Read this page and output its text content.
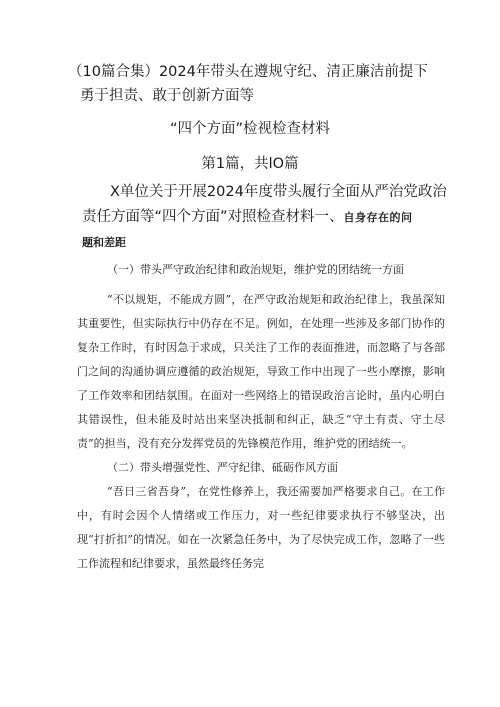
（10篇合集）2024年带头在遵规守纪、清正廉洁前提下
勇于担责、敢于创新方面等
“四个方面”检视检查材料
第1篇，共lO篇
X单位关于开展2024年度带头履行全面从严治党政治
责任方面等“四个方面”对照检查材料一、自身存在的问
题和差距

（一）带头严守政治纪律和政治规矩，维护党的团结统一方面

“不以规矩，不能成方圆”，在严守政治规矩和政治纪律上，我虽深知其重要性，但实际执行中仍存在不足。例如，在处理一些涉及多部门协作的复杂工作时，有时因急于求成，只关注了工作的表面推进，而忽略了与各部门之间的沟通协调应遵循的政治规矩，导致工作中出现了一些小摩擦，影响了工作效率和团结氛围。在面对一些网络上的错误政治言论时，虽内心明白其错误性，但未能及时站出来坚决抵制和纠正，缺乏“守土有责、守土尽责”的担当，没有充分发挥党员的先锋模范作用，维护党的团结统一。

（二）带头增强党性、严守纪律、砥砺作风方面

“吾日三省吾身”，在党性修养上，我还需要加严格要求自己。在工作中，有时会因个人情绪或工作压力，对一些纪律要求执行不够坚决，出现“打折扣”的情况。如在一次紧急任务中，为了尽快完成工作，忽略了一些工作流程和纪律要求，虽然最终任务完
